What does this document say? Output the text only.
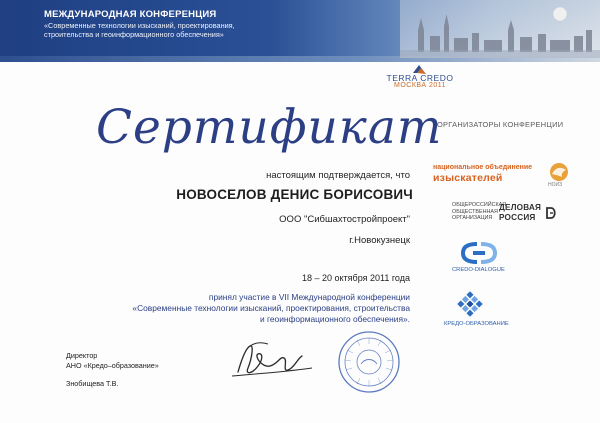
МЕЖДУНАРОДНАЯ КОНФЕРЕНЦИЯ
«Современные технологии изысканий, проектирования,
строительства и геоинформационного обеспечения»
TERRA CREDO
МОСКВА 2011
Сертификат
настоящим подтверждается, что
НОВОСЕЛОВ ДЕНИС БОРИСОВИЧ
ООО "Сибшахтостройпроект"
г.Новокузнецк
18 – 20 октября 2011 года
принял участие в VII Международной конференции
«Современные технологии изысканий, проектирования, строительства
и геоинформационного обеспечения».
Директор
АНО «Кредо–образование»
Знобищева Т.В.
ОРГАНИЗАТОРЫ КОНФЕРЕНЦИИ
национальное объединение
изыскателей
НОИЗ
ОБЩЕРОССИЙСКАЯ
ОБЩЕСТВЕННАЯ
ОРГАНИЗАЦИЯ
ДЕЛОВАЯ
РОССИЯ
CREDO-DIALOGUE
КРЕДО-ОБРАЗОВАНИЕ
